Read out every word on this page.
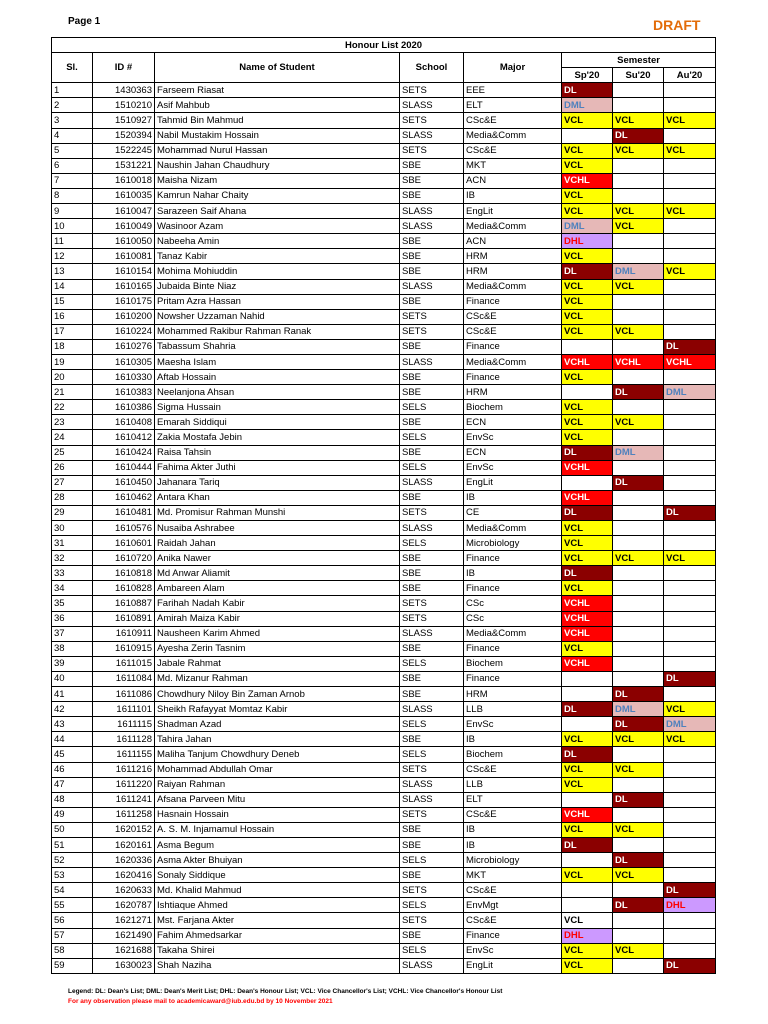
Page 1	DRAFT
Honour List 2020							
Sl.	ID #	Name of Student	School	Major	Semester		
					Sp'20	Su'20	Au'20
1	1430363	Farseem Riasat	SETS	EEE	DL		
2	1510210	Asif Mahbub	SLASS	ELT	DML		
3	1510927	Tahmid Bin Mahmud	SETS	CSc&E	VCL	VCL	VCL
4	1520394	Nabil Mustakim Hossain	SLASS	Media&Comm		DL	
5	1522245	Mohammad Nurul Hassan	SETS	CSc&E	VCL	VCL	VCL
6	1531221	Naushin Jahan Chaudhury	SBE	MKT	VCL		
7	1610018	Maisha Nizam	SBE	ACN	VCHL		
8	1610035	Kamrun Nahar Chaity	SBE	IB	VCL		
9	1610047	Sarazeen Saif Ahana	SLASS	EngLit	VCL	VCL	VCL
10	1610049	Wasinoor Azam	SLASS	Media&Comm	DML	VCL	
11	1610050	Nabeeha Amin	SBE	ACN	DHL		
12	1610081	Tanaz Kabir	SBE	HRM	VCL		
13	1610154	Mohima Mohiuddin	SBE	HRM	DL	DML	VCL
14	1610165	Jubaida Binte Niaz	SLASS	Media&Comm	VCL	VCL	
15	1610175	Pritam Azra Hassan	SBE	Finance	VCL		
16	1610200	Nowsher Uzzaman Nahid	SETS	CSc&E	VCL		
17	1610224	Mohammed Rakibur Rahman Ranak	SETS	CSc&E	VCL	VCL	
18	1610276	Tabassum Shahria	SBE	Finance			DL
19	1610305	Maesha Islam	SLASS	Media&Comm	VCHL	VCHL	VCHL
20	1610330	Aftab Hossain	SBE	Finance	VCL		
21	1610383	Neelanjona Ahsan	SBE	HRM		DL	DML
22	1610386	Sigma Hussain	SELS	Biochem	VCL		
23	1610408	Emarah Siddiqui	SBE	ECN	VCL	VCL	
24	1610412	Zakia Mostafa Jebin	SELS	EnvSc	VCL		
25	1610424	Raisa Tahsin	SBE	ECN	DL	DML	
26	1610444	Fahima Akter Juthi	SELS	EnvSc	VCHL		
27	1610450	Jahanara Tariq	SLASS	EngLit		DL	
28	1610462	Antara Khan	SBE	IB	VCHL		
29	1610481	Md. Promisur Rahman Munshi	SETS	CE	DL		DL
30	1610576	Nusaiba Ashrabee	SLASS	Media&Comm	VCL		
31	1610601	Raidah Jahan	SELS	Microbiology	VCL		
32	1610720	Anika Nawer	SBE	Finance	VCL	VCL	VCL
33	1610818	Md Anwar Aliamit	SBE	IB	DL		
34	1610828	Ambareen Alam	SBE	Finance	VCL		
35	1610887	Farihah Nadah Kabir	SETS	CSc	VCHL		
36	1610891	Amirah Maiza Kabir	SETS	CSc	VCHL		
37	1610911	Nausheen Karim Ahmed	SLASS	Media&Comm	VCHL		
38	1610915	Ayesha Zerin Tasnim	SBE	Finance	VCL		
39	1611015	Jabale Rahmat	SELS	Biochem	VCHL		
40	1611084	Md. Mizanur Rahman	SBE	Finance			DL
41	1611086	Chowdhury Niloy Bin Zaman Arnob	SBE	HRM		DL	
42	1611101	Sheikh Rafayyat Momtaz Kabir	SLASS	LLB	DL	DML	VCL
43	1611115	Shadman Azad	SELS	EnvSc		DL	DML
44	1611128	Tahira Jahan	SBE	IB	VCL	VCL	VCL
45	1611155	Maliha Tanjum Chowdhury Deneb	SELS	Biochem	DL		
46	1611216	Mohammad Abdullah Omar	SETS	CSc&E	VCL	VCL	
47	1611220	Raiyan Rahman	SLASS	LLB	VCL		
48	1611241	Afsana Parveen Mitu	SLASS	ELT		DL	
49	1611258	Hasnain Hossain	SETS	CSc&E	VCHL		
50	1620152	A. S. M. Injamamul Hossain	SBE	IB	VCL	VCL	
51	1620161	Asma Begum	SBE	IB	DL		
52	1620336	Asma Akter Bhuiyan	SELS	Microbiology		DL	
53	1620416	Sonaly Siddique	SBE	MKT	VCL	VCL	
54	1620633	Md. Khalid Mahmud	SETS	CSc&E			DL
55	1620787	Ishtiaque Ahmed	SELS	EnvMgt		DL	DHL
56	1621271	Mst. Farjana Akter	SETS	CSc&E	VCL		
57	1621490	Fahim Ahmedsarkar	SBE	Finance	DHL		
58	1621688	Takaha Shirei	SELS	EnvSc	VCL	VCL	
59	1630023	Shah Naziha	SLASS	EngLit	VCL		DL
Legend: DL: Dean's List; DML: Dean's Merit List; DHL: Dean's Honour List; VCL: Vice Chancellor's List; VCHL: Vice Chancellor's Honour List
For any observation please mail to academicaward@iub.edu.bd by 10 November 2021
